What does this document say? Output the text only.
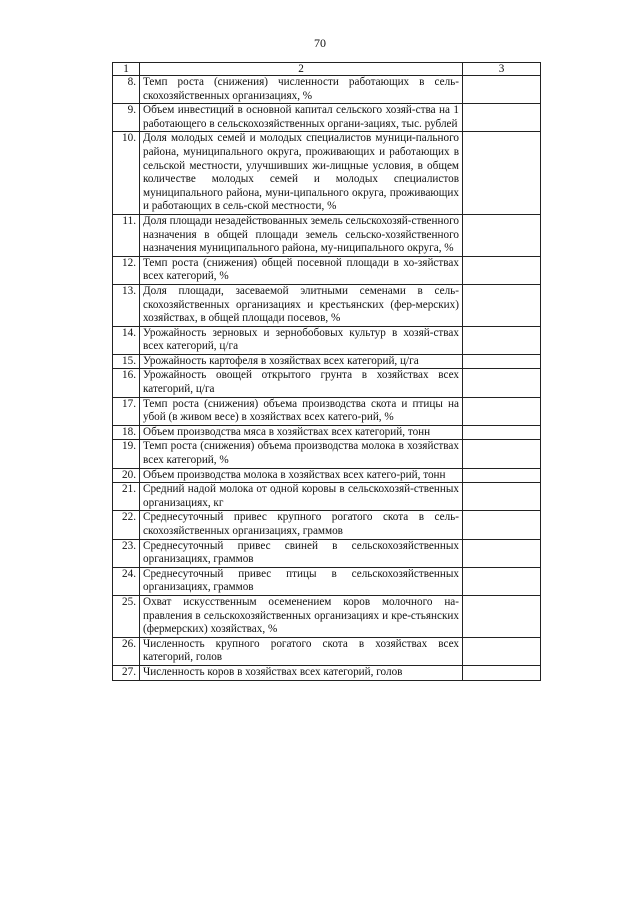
70
1	2	3
8.	Темп роста (снижения) численности работающих в сель-скохозяйственных организациях, %	
9.	Объем инвестиций в основной капитал сельского хозяй-ства на 1 работающего в сельскохозяйственных органи-зациях, тыс. рублей	
10.	Доля молодых семей и молодых специалистов муници-пального района, муниципального округа, проживающих и работающих в сельской местности, улучшивших жи-лищные условия, в общем количестве молодых семей и молодых специалистов муниципального района, муни-ципального округа, проживающих и работающих в сель-ской местности, %	
11.	Доля площади незадействованных земель сельскохозяй-ственного назначения в общей площади земель сельско-хозяйственного назначения муниципального района, му-ниципального округа, %	
12.	Темп роста (снижения) общей посевной площади в хо-зяйствах всех категорий, %	
13.	Доля площади, засеваемой элитными семенами в сель-скохозяйственных организациях и крестьянских (фер-мерских) хозяйствах, в общей площади посевов, %	
14.	Урожайность зерновых и зернобобовых культур в хозяй-ствах всех категорий, ц/га	
15.	Урожайность картофеля в хозяйствах всех категорий, ц/га	
16.	Урожайность овощей открытого грунта в хозяйствах всех категорий, ц/га	
17.	Темп роста (снижения) объема производства скота и птицы на убой (в живом весе) в хозяйствах всех катего-рий, %	
18.	Объем производства мяса в хозяйствах всех категорий, тонн	
19.	Темп роста (снижения) объема производства молока в хозяйствах всех категорий, %	
20.	Объем производства молока в хозяйствах всех катего-рий, тонн	
21.	Средний надой молока от одной коровы в сельскохозяй-ственных организациях, кг	
22.	Среднесуточный привес крупного рогатого скота в сель-скохозяйственных организациях, граммов	
23.	Среднесуточный привес свиней в сельскохозяйственных организациях, граммов	
24.	Среднесуточный привес птицы в сельскохозяйственных организациях, граммов	
25.	Охват искусственным осеменением коров молочного на-правления в сельскохозяйственных организациях и кре-стьянских (фермерских) хозяйствах, %	
26.	Численность крупного рогатого скота в хозяйствах всех категорий, голов	
27.	Численность коров в хозяйствах всех категорий, голов	
